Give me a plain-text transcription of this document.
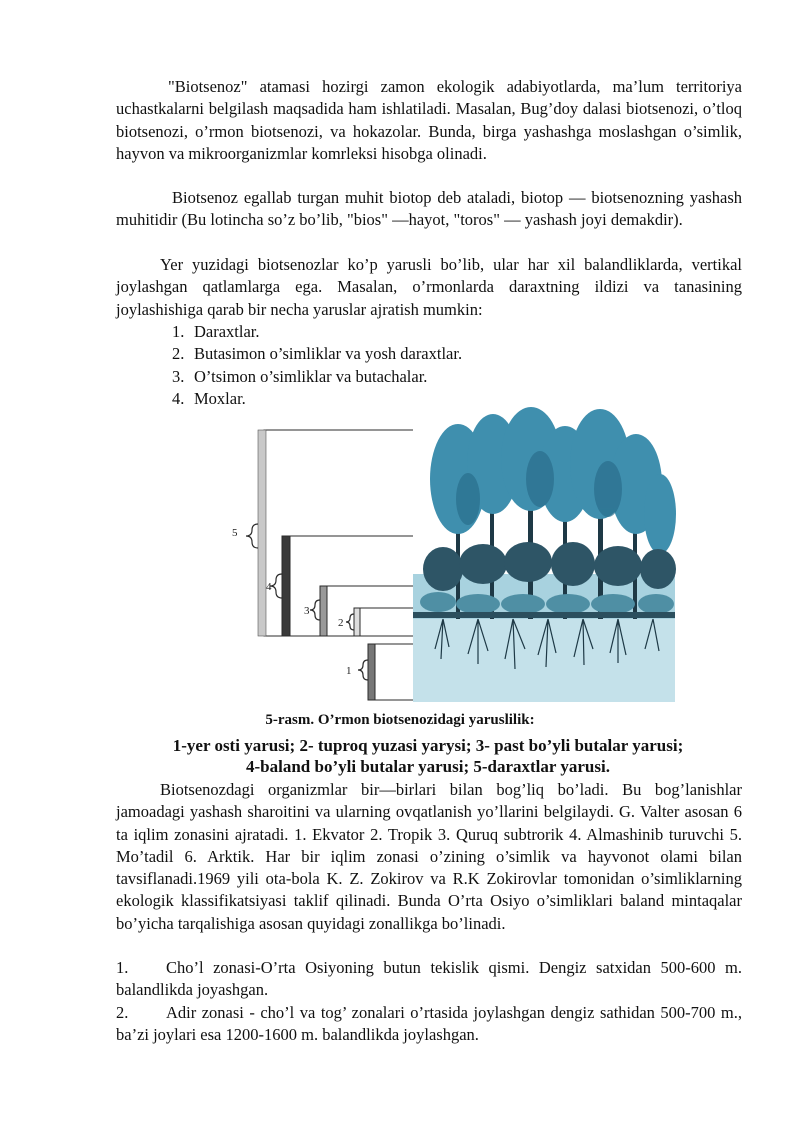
"Biotsenoz" atamasi hozirgi zamon ekologik adabiyotlarda, ma’lum territoriya uchastkalarni belgilash maqsadida ham ishlatiladi. Masalan, Bug’doy dalasi biotsenozi, o’tloq biotsenozi, o’rmon biotsenozi, va hokazolar. Bunda, birga yashashga moslashgan o’simlik, hayvon va mikroorganizmlar komrleksi hisobga olinadi.

Biotsenoz egallab turgan muhit biotop deb ataladi, biotop — biotsenozning yashash muhitidir (Bu lotincha so’z bo’lib, "bios" —hayot, "toros" — yashash joyi demakdir).

Yer yuzidagi biotsenozlar ko’p yarusli bo’lib, ular har xil balandliklarda, vertikal joylashgan qatlamlarga ega. Masalan, o’rmonlarda daraxtning ildizi va tanasining joylashishiga qarab bir necha yaruslar ajratish mumkin:

1. Daraxtlar.
2. Butasimon o’simliklar va yosh daraxtlar.
3. O’tsimon o’simliklar va butachalar.
4. Moxlar.
5
4
3
2
1

5-rasm. O’rmon biotsenozidagi yaruslilik:

1-yer osti yarusi; 2- tuproq yuzasi yarysi; 3- past bo’yli butalar yarusi;

4-baland bo’yli butalar yarusi; 5-daraxtlar yarusi.

Biotsenozdagi organizmlar bir—birlari bilan bog’liq bo’ladi. Bu bog’lanishlar jamoadagi yashash sharoitini va ularning ovqatlanish yo’llarini belgilaydi. G. Valter asosan 6 ta iqlim zonasini ajratadi. 1. Ekvator 2. Tropik 3. Quruq subtrorik 4. Almashinib turuvchi 5. Mo’tadil 6. Arktik. Har bir iqlim zonasi o’zining o’simlik va hayvonot olami bilan tavsiflanadi.1969 yili ota-bola K. Z. Zokirov va R.K Zokirovlar tomonidan o’simliklarning ekologik klassifikatsiyasi taklif qilinadi. Bunda O’rta Osiyo o’simliklari baland mintaqalar bo’yicha tarqalishiga asosan quyidagi zonallikga bo’linadi.

1. Cho’l zonasi-O’rta Osiyoning butun tekislik qismi. Dengiz satxidan 500-600 m. balandlikda joyashgan.

2. Adir zonasi - cho’l va tog’ zonalari o’rtasida joylashgan dengiz sathidan 500-700 m., ba’zi joylari esa 1200-1600 m. balandlikda joylashgan.
